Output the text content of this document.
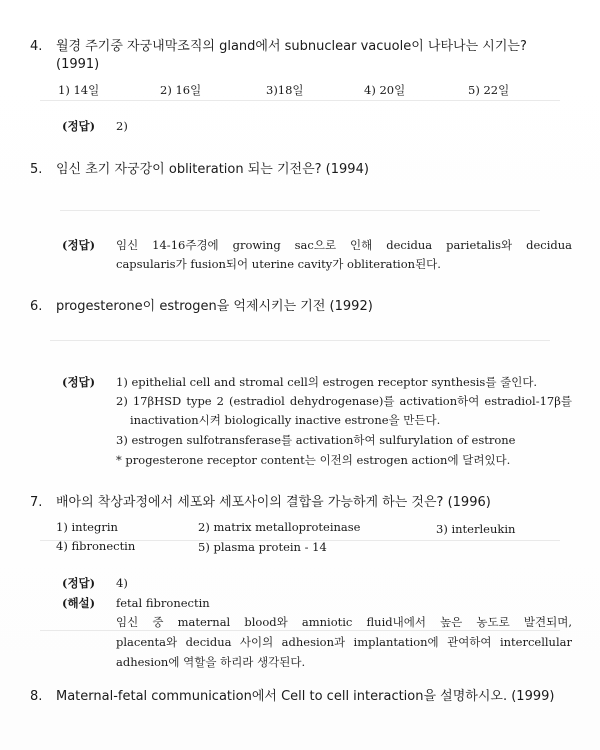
4. 월경 주기중 자궁내막조직의 gland에서 subnuclear vacuole이 나타나는 시기는?
(1991)
1) 14일	2) 16일	3)18일	4) 20일	5) 22일
(정답) 2)
5. 임신 초기 자궁강이 obliteration 되는 기전은? (1994)
(정답) 임신 14-16주경에 growing sac으로 인해 decidua parietalis와 decidua
capsularis가 fusion되어 uterine cavity가 obliteration된다.
6. progesterone이 estrogen을 억제시키는 기전 (1992)
(정답) 1) epithelial cell and stromal cell의 estrogen receptor synthesis를 줄인다.
2) 17βHSD type 2 (estradiol dehydrogenase)를 activation하여 estradiol-17β를
inactivation시켜 biologically inactive estrone을 만든다.
3) estrogen sulfotransferase를 activation하여 sulfurylation of estrone
* progesterone receptor content는 이전의 estrogen action에 달려있다.
7. 배아의 착상과정에서 세포와 세포사이의 결합을 가능하게 하는 것은? (1996)
1) integrin	2) matrix metalloproteinase	3) interleukin
4) fibronectin	5) plasma protein - 14
(정답) 4)
(해설) fetal fibronectin
임신 중 maternal blood와 amniotic fluid내에서 높은 농도로 발견되며,
placenta와 decidua 사이의 adhesion과 implantation에 관여하여 intercellular
adhesion에 역할을 하리라 생각된다.
8. Maternal-fetal communication에서 Cell to cell interaction을 설명하시오. (1999)
